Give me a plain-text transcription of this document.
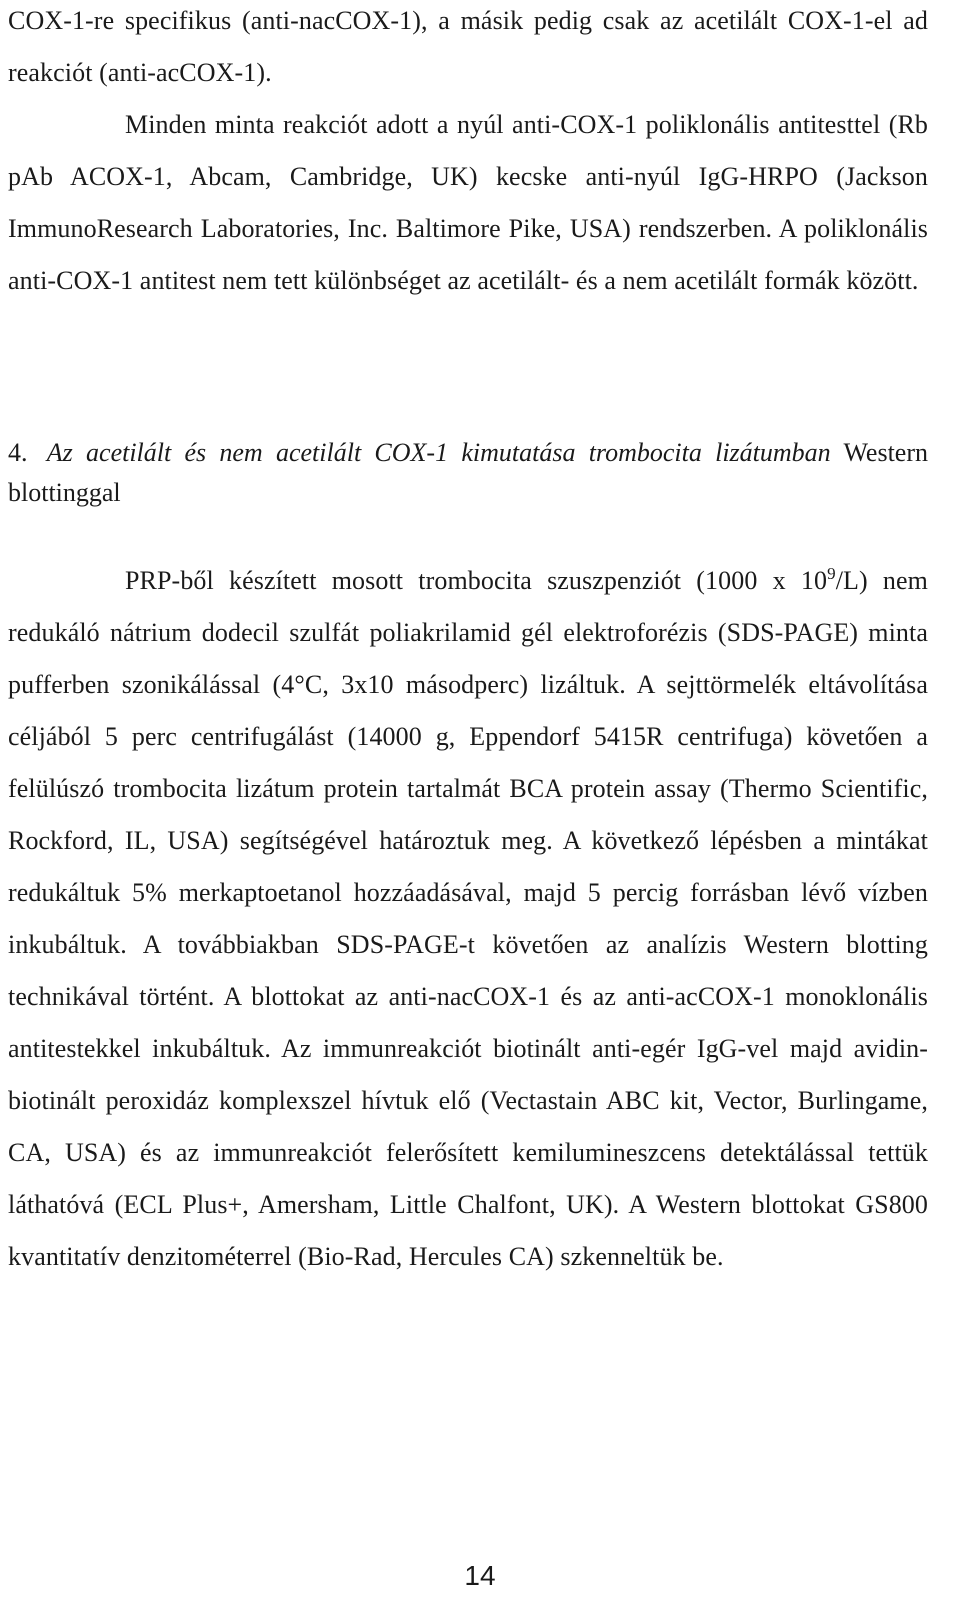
COX-1-re specifikus (anti-nacCOX-1), a másik pedig csak az acetilált COX-1-el ad reakciót (anti-acCOX-1).

Minden minta reakciót adott a nyúl anti-COX-1 poliklonális antitesttel (Rb pAb ACOX-1, Abcam, Cambridge, UK) kecske anti-nyúl IgG-HRPO (Jackson ImmunoResearch Laboratories, Inc. Baltimore Pike, USA) rendszerben. A poliklonális anti-COX-1 antitest nem tett különbséget az acetilált- és a nem acetilált formák között.

4. Az acetilált és nem acetilált COX-1 kimutatása trombocita lizátumban Western blottinggal

PRP-ből készített mosott trombocita szuszpenziót (1000 x $10^9/L$) nem redukáló nátrium dodecil szulfát poliakrilamid gél elektroforézis (SDS-PAGE) minta pufferben szonikálással (4°C, 3x10 másodperc) lizáltuk. A sejttörmelék eltávolítása céljából 5 perc centrifugálást (14000 g, Eppendorf 5415R centrifuga) követően a felülúszó trombocita lizátum protein tartalmát BCA protein assay (Thermo Scientific, Rockford, IL, USA) segítségével határoztuk meg. A következő lépésben a mintákat redukáltuk 5% merkaptoetanol hozzáadásával, majd 5 percig forrásban lévő vízben inkubáltuk. A továbbiakban SDS-PAGE-t követően az analízis Western blotting technikával történt. A blottokat az anti-nacCOX-1 és az anti-acCOX-1 monoklonális antitestekkel inkubáltuk. Az immunreakciót biotinált anti-egér IgG-vel majd avidin-biotinált peroxidáz komplexszel hívtuk elő (Vectastain ABC kit, Vector, Burlingame, CA, USA) és az immunreakciót felerősített kemilumineszcens detektálással tettük láthatóvá (ECL Plus+, Amersham, Little Chalfont, UK). A Western blottokat GS800 kvantitatív denzitométerrel (Bio-Rad, Hercules CA) szkenneltük be.

14
